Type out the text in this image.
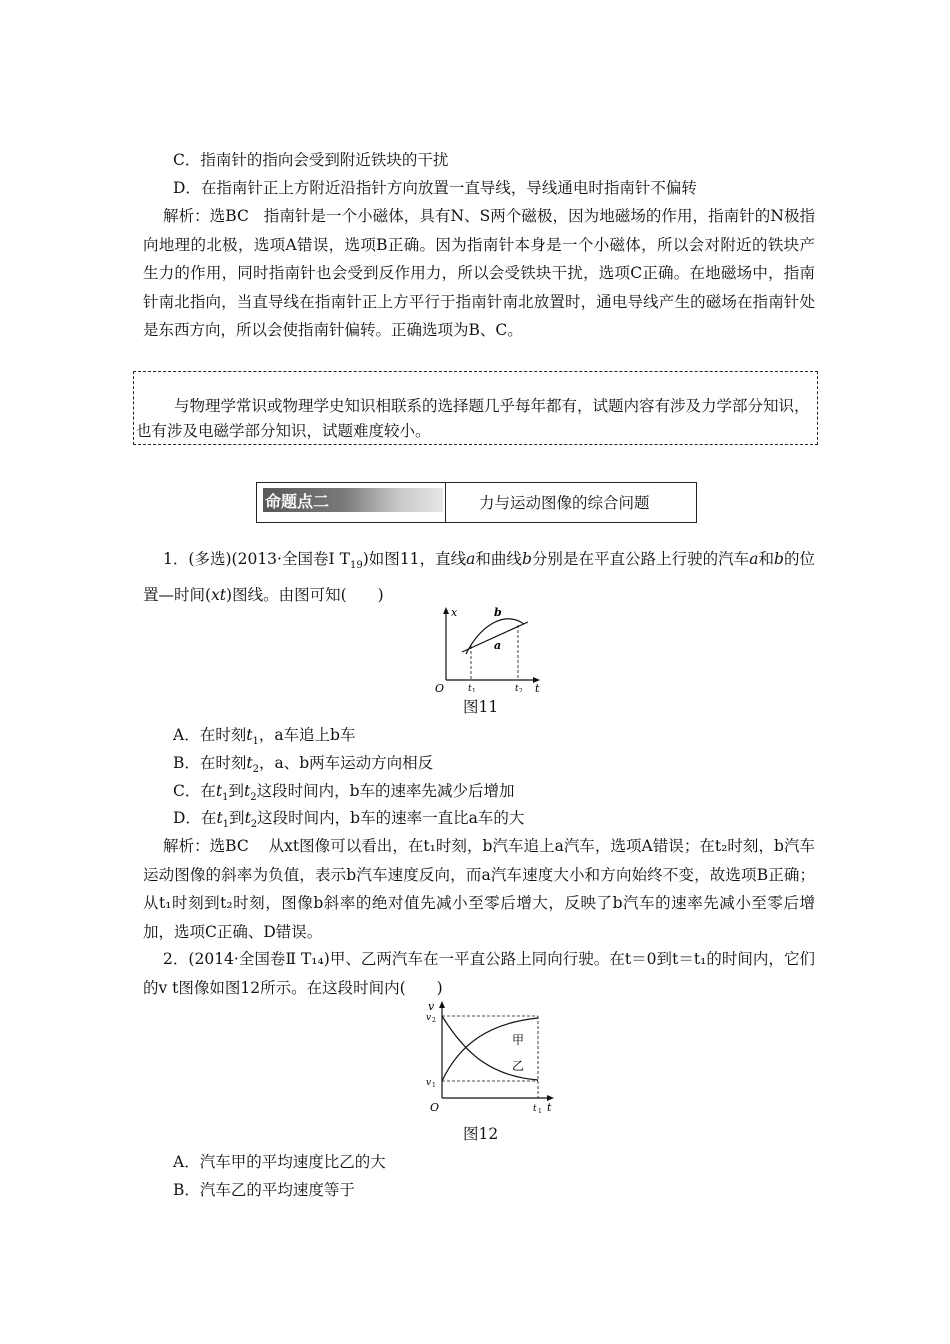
C．指南针的指向会受到附近铁块的干扰
D．在指南针正上方附近沿指针方向放置一直导线，导线通电时指南针不偏转
解析：选BC 指南针是一个小磁体，具有N、S两个磁极，因为地磁场的作用，指南针的N极指向地理的北极，选项A错误，选项B正确。因为指南针本身是一个小磁体，所以会对附近的铁块产生力的作用，同时指南针也会受到反作用力，所以会受铁块干扰，选项C正确。在地磁场中，指南针南北指向，当直导线在指南针正上方平行于指南针南北放置时，通电导线产生的磁场在指南针处是东西方向，所以会使指南针偏转。正确选项为B、C。
与物理学常识或物理学史知识相联系的选择题几乎每年都有，试题内容有涉及力学部分知识，也有涉及电磁学部分知识，试题难度较小。
命题点二	力与运动图像的综合问题
1．(多选)(2013·全国卷Ⅰ $T_{19}$)如图11，直线a和曲线b分别是在平直公路上行驶的汽车a和b的位置—时间(xt)图线。由图可知(　　)
x
t
O
a
b
t 1	t 2
图11
A．在时刻$t_1$，a车追上b车
B．在时刻$t_2$，a、b两车运动方向相反
C．在$t_1$到$t_2$这段时间内，b车的速率先减少后增加
D．在$t_1$到$t_2$这段时间内，b车的速率一直比a车的大
解析：选BC 从xt图像可以看出，在t₁时刻，b汽车追上a汽车，选项A错误；在t₂时刻，b汽车运动图像的斜率为负值，表示b汽车速度反向，而a汽车速度大小和方向始终不变，故选项B正确；从t₁时刻到t₂时刻，图像b斜率的绝对值先减小至零后增大，反映了b汽车的速率先减小至零后增加，选项C正确、D错误。
2．(2014·全国卷Ⅱ T₁₄)甲、乙两汽车在一平直公路上同向行驶。在t＝0到t＝t₁的时间内，它们的v t图像如图12所示。在这段时间内(　　)
v
v 2
v 1
O	t 1 t
甲
乙
图12
A．汽车甲的平均速度比乙的大
B．汽车乙的平均速度等于
